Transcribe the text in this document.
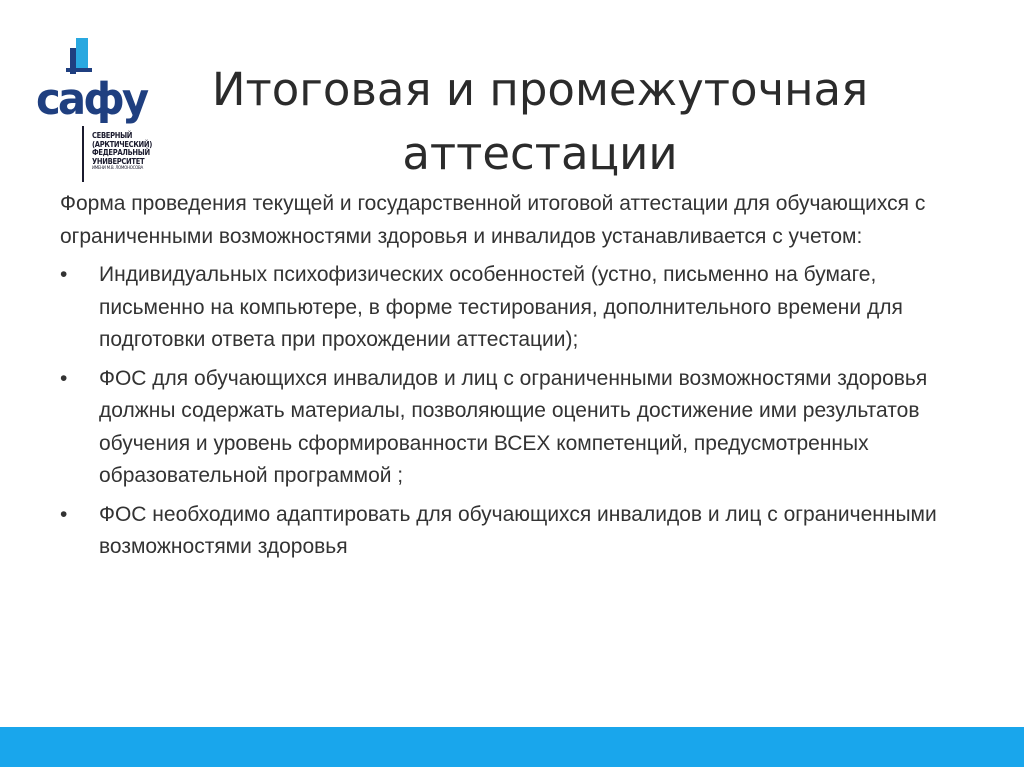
сафу
СЕВЕРНЫЙ
(АРКТИЧЕСКИЙ)
ФЕДЕРАЛЬНЫЙ
УНИВЕРСИТЕТ
ИМЕНИ М.В. ЛОМОНОСОВА
Итоговая и промежуточная
аттестации

Форма проведения текущей и государственной итоговой аттестации для обучающихся с ограниченными возможностями здоровья и инвалидов устанавливается с учетом:

• Индивидуальных психофизических особенностей (устно, письменно на бумаге, письменно на компьютере, в форме тестирования, дополнительного времени для подготовки ответа при прохождении аттестации);
• ФОС для обучающихся инвалидов и лиц с ограниченными возможностями здоровья должны содержать материалы, позволяющие оценить достижение ими результатов обучения и уровень сформированности ВСЕХ компетенций, предусмотренных образовательной программой ;
• ФОС необходимо адаптировать для обучающихся инвалидов и лиц с ограниченными возможностями здоровья
